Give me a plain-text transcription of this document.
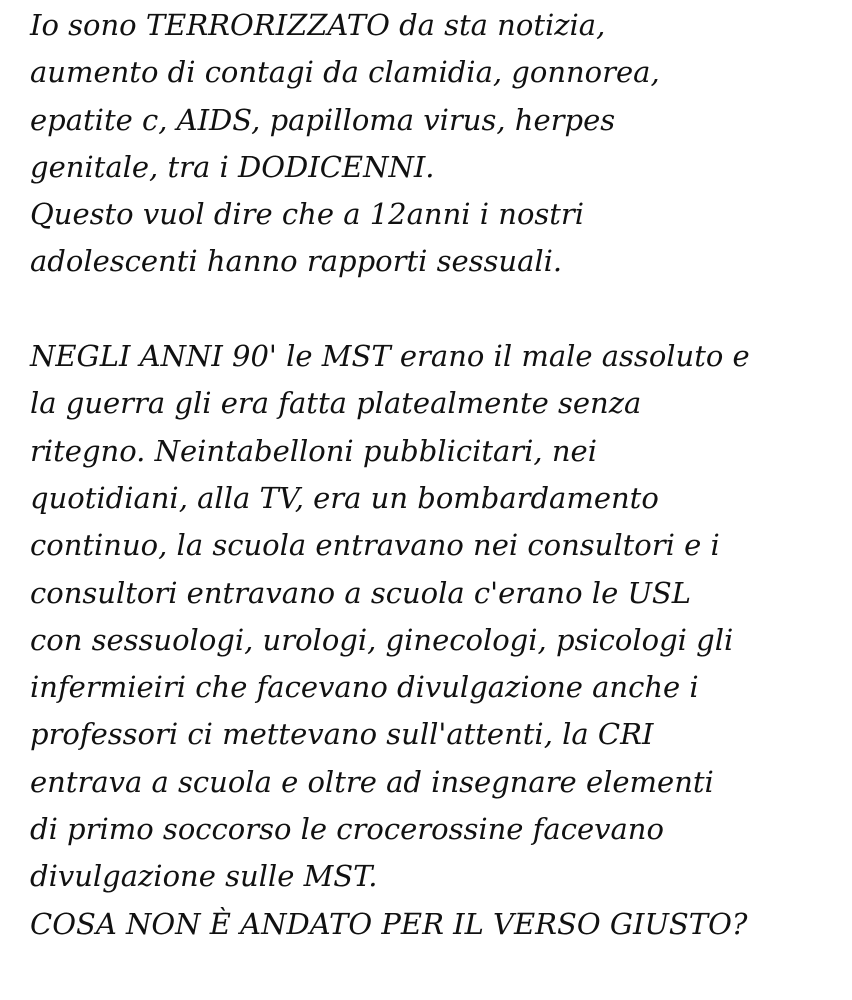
Io sono TERRORIZZATO da sta notizia,
aumento di contagi da clamidia, gonnorea,
epatite c, AIDS, papilloma virus, herpes
genitale, tra i DODICENNI.
Questo vuol dire che a 12anni i nostri
adolescenti hanno rapporti sessuali.
NEGLI ANNI 90' le MST erano il male assoluto e
la guerra gli era fatta platealmente senza
ritegno. Neintabelloni pubblicitari, nei
quotidiani, alla TV, era un bombardamento
continuo, la scuola entravano nei consultori e i
consultori entravano a scuola c'erano le USL
con sessuologi, urologi, ginecologi, psicologi gli
infermieiri che facevano divulgazione anche i
professori ci mettevano sull'attenti, la CRI
entrava a scuola e oltre ad insegnare elementi
di primo soccorso le crocerossine facevano
divulgazione sulle MST.
COSA NON È ANDATO PER IL VERSO GIUSTO?
